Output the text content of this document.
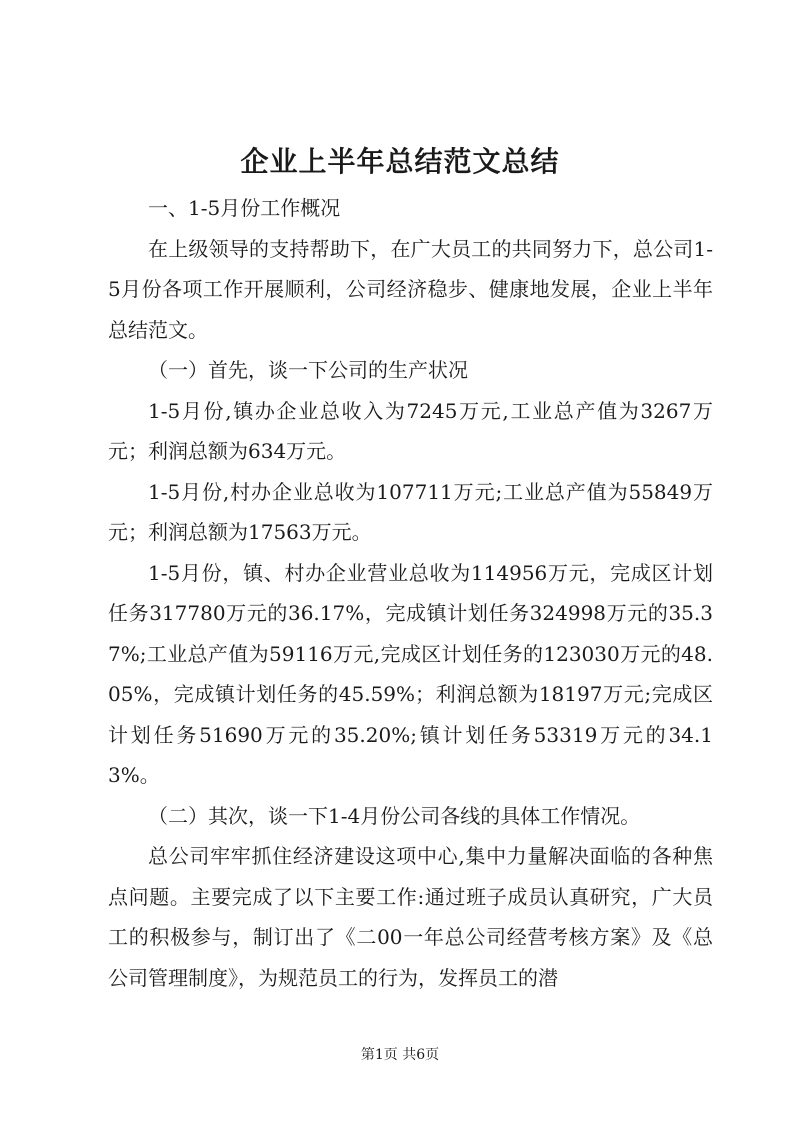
企业上半年总结范文总结

一、1-5月份工作概况

在上级领导的支持帮助下，在广大员工的共同努力下，总公司1-5月份各项工作开展顺利，公司经济稳步、健康地发展，企业上半年总结范文。

（一）首先，谈一下公司的生产状况

1-5月份,镇办企业总收入为7245万元,工业总产值为3267万元；利润总额为634万元。

1-5月份,村办企业总收为107711万元;工业总产值为55849万元；利润总额为17563万元。

1-5月份，镇、村办企业营业总收为114956万元，完成区计划任务317780万元的36.17%，完成镇计划任务324998万元的35.37%;工业总产值为59116万元,完成区计划任务的123030万元的48.05%，完成镇计划任务的45.59%；利润总额为18197万元;完成区计划任务51690万元的35.20%;镇计划任务53319万元的34.13%。

（二）其次，谈一下1-4月份公司各线的具体工作情况。

总公司牢牢抓住经济建设这项中心,集中力量解决面临的各种焦点问题。主要完成了以下主要工作:通过班子成员认真研究，广大员工的积极参与，制订出了《二00一年总公司经营考核方案》及《总公司管理制度》，为规范员工的行为，发挥员工的潜

第1页 共6页
